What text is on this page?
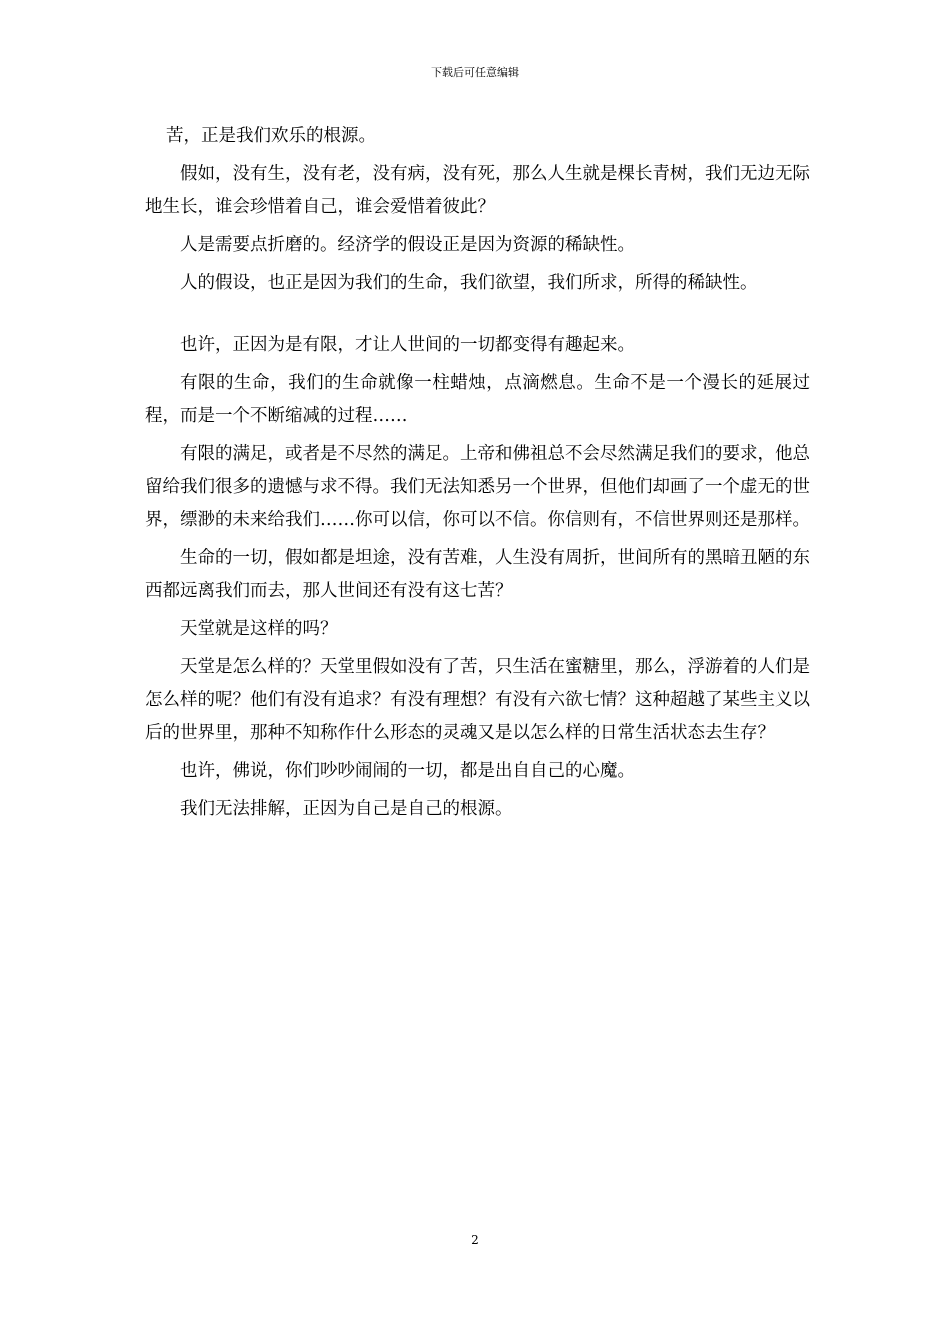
下载后可任意编辑

苦，正是我们欢乐的根源。

假如，没有生，没有老，没有病，没有死，那么人生就是棵长青树，我们无边无际地生长，谁会珍惜着自己，谁会爱惜着彼此？

人是需要点折磨的。经济学的假设正是因为资源的稀缺性。

人的假设，也正是因为我们的生命，我们欲望，我们所求，所得的稀缺性。

也许，正因为是有限，才让人世间的一切都变得有趣起来。

有限的生命，我们的生命就像一柱蜡烛，点滴燃息。生命不是一个漫长的延展过程，而是一个不断缩减的过程……

有限的满足，或者是不尽然的满足。上帝和佛祖总不会尽然满足我们的要求，他总留给我们很多的遗憾与求不得。我们无法知悉另一个世界，但他们却画了一个虚无的世界，缥渺的未来给我们……你可以信，你可以不信。你信则有，不信世界则还是那样。

生命的一切，假如都是坦途，没有苦难，人生没有周折，世间所有的黑暗丑陋的东西都远离我们而去，那人世间还有没有这七苦？

天堂就是这样的吗？

天堂是怎么样的？天堂里假如没有了苦，只生活在蜜糖里，那么，浮游着的人们是怎么样的呢？他们有没有追求？有没有理想？有没有六欲七情？这种超越了某些主义以后的世界里，那种不知称作什么形态的灵魂又是以怎么样的日常生活状态去生存？

也许，佛说，你们吵吵闹闹的一切，都是出自自己的心魔。

我们无法排解，正因为自己是自己的根源。

2
